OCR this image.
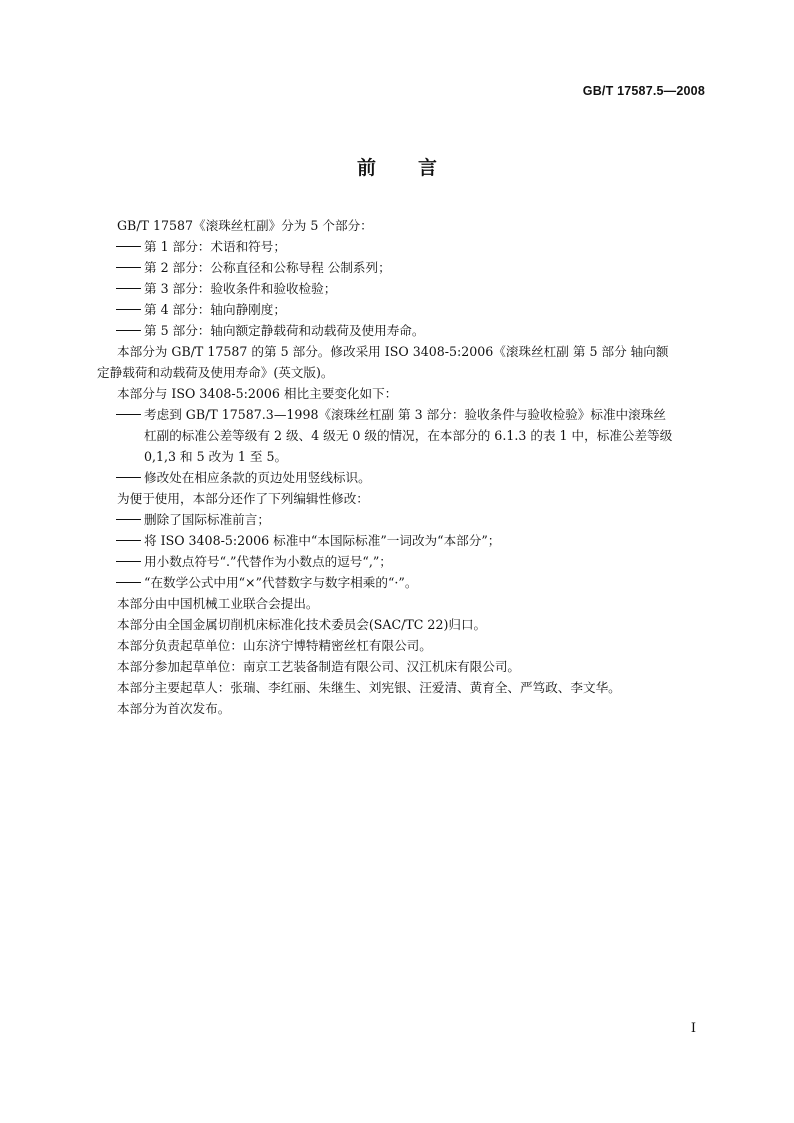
GB/T 17587.5—2008
前言

GB/T 17587《滚珠丝杠副》分为 5 个部分：

第 1 部分：术语和符号；

第 2 部分：公称直径和公称导程 公制系列；

第 3 部分：验收条件和验收检验；

第 4 部分：轴向静刚度；

第 5 部分：轴向额定静载荷和动载荷及使用寿命。

本部分为 GB/T 17587 的第 5 部分。修改采用 ISO 3408-5:2006《滚珠丝杠副 第 5 部分 轴向额
定静载荷和动载荷及使用寿命》(英文版)。

本部分与 ISO 3408-5:2006 相比主要变化如下：

考虑到 GB/T 17587.3—1998《滚珠丝杠副 第 3 部分：验收条件与验收检验》标准中滚珠丝
杠副的标准公差等级有 2 级、4 级无 0 级的情况，在本部分的 6.1.3 的表 1 中，标准公差等级
0,1,3 和 5 改为 1 至 5。

修改处在相应条款的页边处用竖线标识。

为便于使用，本部分还作了下列编辑性修改：

删除了国际标准前言；

将 ISO 3408-5:2006 标准中“本国际标准”一词改为“本部分”；

用小数点符号“.”代替作为小数点的逗号“,”；

“在数学公式中用“×”代替数字与数字相乘的“·”。

本部分由中国机械工业联合会提出。

本部分由全国金属切削机床标准化技术委员会(SAC/TC 22)归口。

本部分负责起草单位：山东济宁博特精密丝杠有限公司。

本部分参加起草单位：南京工艺装备制造有限公司、汉江机床有限公司。

本部分主要起草人：张瑞、李红丽、朱继生、刘宪银、汪爱清、黄育全、严笃政、李文华。

本部分为首次发布。

I
